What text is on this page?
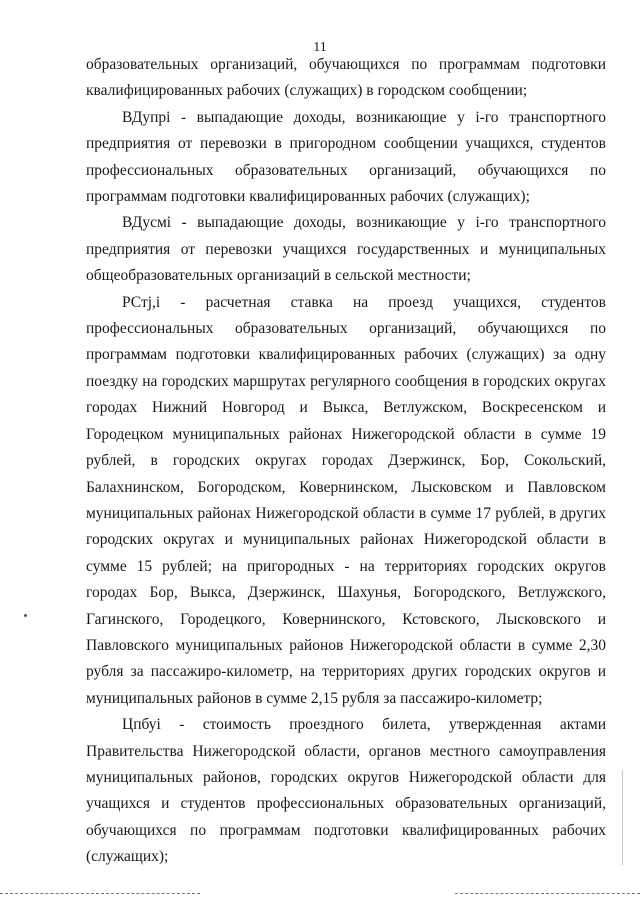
11

образовательных организаций, обучающихся по программам подготовки квалифицированных рабочих (служащих) в городском сообщении;

ВДупрi - выпадающие доходы, возникающие у i-го транспортного предприятия от перевозки в пригородном сообщении учащихся, студентов профессиональных образовательных организаций, обучающихся по программам подготовки квалифицированных рабочих (служащих);

ВДусмi - выпадающие доходы, возникающие у i-го транспортного предприятия от перевозки учащихся государственных и муниципальных общеобразовательных организаций в сельской местности;

РСтj,i - расчетная ставка на проезд учащихся, студентов профессиональных образовательных организаций, обучающихся по программам подготовки квалифицированных рабочих (служащих) за одну поездку на городских маршрутах регулярного сообщения в городских округах городах Нижний Новгород и Выкса, Ветлужском, Воскресенском и Городецком муниципальных районах Нижегородской области в сумме 19 рублей, в городских округах городах Дзержинск, Бор, Сокольский, Балахнинском, Богородском, Ковернинском, Лысковском и Павловском муниципальных районах Нижегородской области в сумме 17 рублей, в других городских округах и муниципальных районах Нижегородской области в сумме 15 рублей; на пригородных - на территориях городских округов городах Бор, Выкса, Дзержинск, Шахунья, Богородского, Ветлужского, Гагинского, Городецкого, Ковернинского, Кстовского, Лысковского и Павловского муниципальных районов Нижегородской области в сумме 2,30 рубля за пассажиро-километр, на территориях других городских округов и муниципальных районов в сумме 2,15 рубля за пассажиро-километр;

Цпбуi - стоимость проездного билета, утвержденная актами Правительства Нижегородской области, органов местного самоуправления муниципальных районов, городских округов Нижегородской области для учащихся и студентов профессиональных образовательных организаций, обучающихся по программам подготовки квалифицированных рабочих (служащих);
